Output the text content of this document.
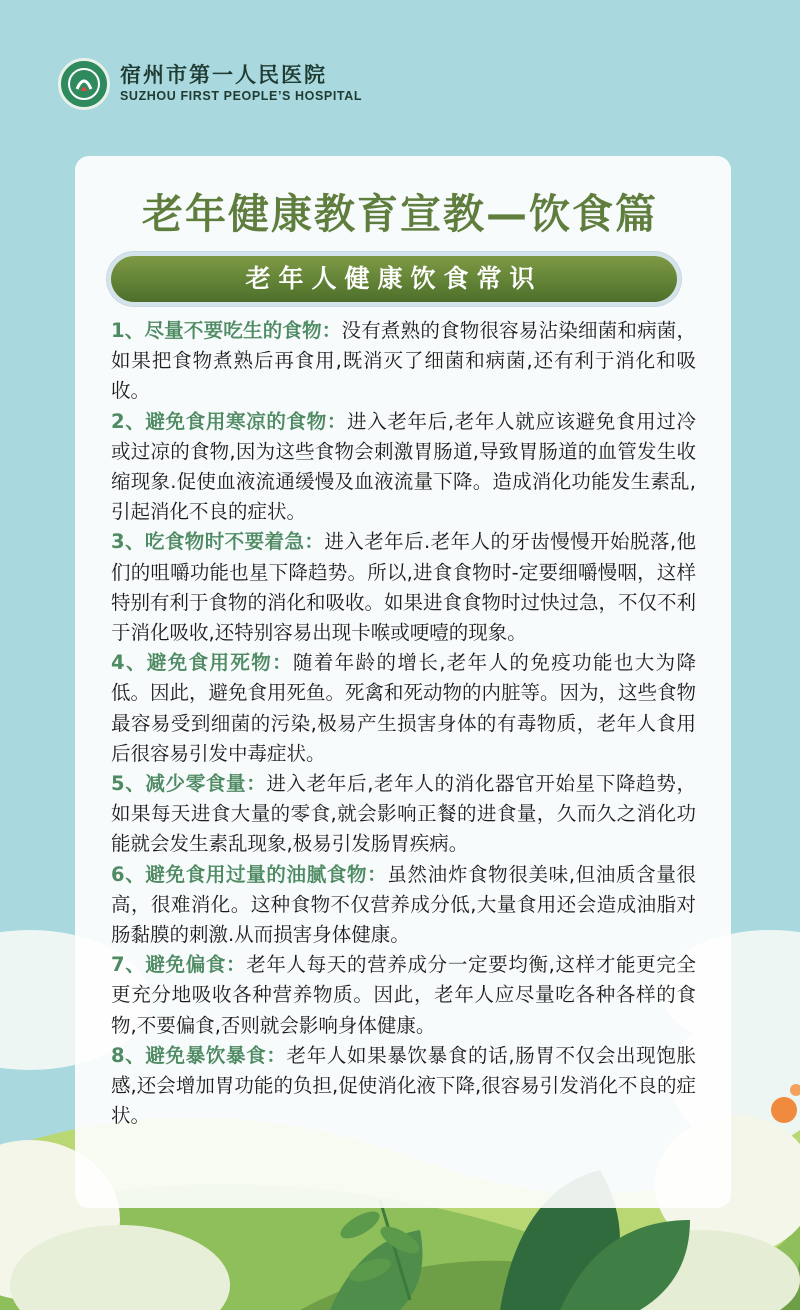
宿州市第一人民医院
SUZHOU FIRST PEOPLE’S HOSPITAL
老年健康教育宣教—饮食篇
老年人健康饮食常识

1、尽量不要吃生的食物：没有煮熟的食物很容易沾染细菌和病菌，如果把食物煮熟后再食用,既消灭了细菌和病菌,还有利于消化和吸收。

2、避免食用寒凉的食物：进入老年后,老年人就应该避免食用过冷或过凉的食物,因为这些食物会刺激胃肠道,导致胃肠道的血管发生收缩现象.促使血液流通缓慢及血液流量下降。造成消化功能发生素乱,引起消化不良的症状。

3、吃食物时不要着急：进入老年后.老年人的牙齿慢慢开始脱落,他们的咀嚼功能也星下降趋势。所以,进食食物时-定要细嚼慢咽，这样特别有利于食物的消化和吸收。如果进食食物时过快过急，不仅不利于消化吸收,还特别容易出现卡喉或哽噎的现象。

4、避免食用死物：随着年龄的增长,老年人的免疫功能也大为降低。因此，避免食用死鱼。死禽和死动物的内脏等。因为，这些食物最容易受到细菌的污染,极易产生损害身体的有毒物质，老年人食用后很容易引发中毒症状。

5、减少零食量：进入老年后,老年人的消化器官开始星下降趋势，如果每天进食大量的零食,就会影响正餐的进食量，久而久之消化功能就会发生素乱现象,极易引发肠胃疾病。

6、避免食用过量的油腻食物：虽然油炸食物很美味,但油质含量很高，很难消化。这种食物不仅营养成分低,大量食用还会造成油脂对肠黏膜的刺激.从而损害身体健康。

7、避免偏食：老年人每天的营养成分一定要均衡,这样才能更完全更充分地吸收各种营养物质。因此，老年人应尽量吃各种各样的食物,不要偏食,否则就会影响身体健康。

8、避免暴饮暴食：老年人如果暴饮暴食的话,肠胃不仅会出现饱胀感,还会增加胃功能的负担,促使消化液下降,很容易引发消化不良的症状。
